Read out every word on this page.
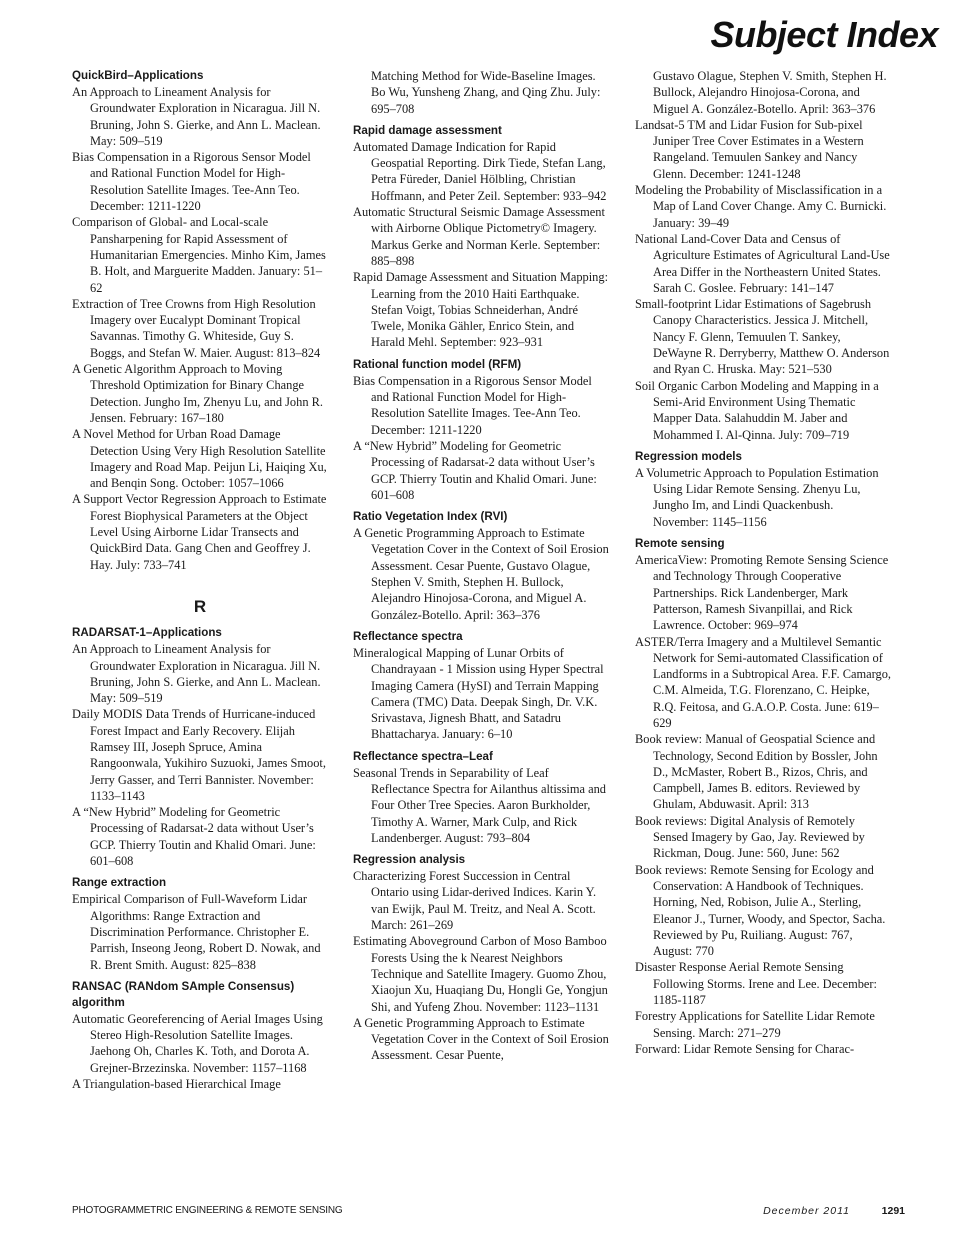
Subject Index
QuickBird–Applications
An Approach to Lineament Analysis for Groundwater Exploration in Nicaragua. Jill N. Bruning, John S. Gierke, and Ann L. Maclean. May: 509–519
Bias Compensation in a Rigorous Sensor Model and Rational Function Model for High-Resolution Satellite Images. Tee-Ann Teo. December: 1211-1220
Comparison of Global- and Local-scale Pansharpening for Rapid Assessment of Humanitarian Emergencies. Minho Kim, James B. Holt, and Marguerite Madden. January: 51–62
Extraction of Tree Crowns from High Resolution Imagery over Eucalypt Dominant Tropical Savannas. Timothy G. Whiteside, Guy S. Boggs, and Stefan W. Maier. August: 813–824
A Genetic Algorithm Approach to Moving Threshold Optimization for Binary Change Detection. Jungho Im, Zhenyu Lu, and John R. Jensen. February: 167–180
A Novel Method for Urban Road Damage Detection Using Very High Resolution Satellite Imagery and Road Map. Peijun Li, Haiqing Xu, and Benqin Song. October: 1057–1066
A Support Vector Regression Approach to Estimate Forest Biophysical Parameters at the Object Level Using Airborne Lidar Transects and QuickBird Data. Gang Chen and Geoffrey J. Hay. July: 733–741
R
RADARSAT-1–Applications
An Approach to Lineament Analysis for Groundwater Exploration in Nicaragua. Jill N. Bruning, John S. Gierke, and Ann L. Maclean. May: 509–519
Daily MODIS Data Trends of Hurricane-induced Forest Impact and Early Recovery. Elijah Ramsey III, Joseph Spruce, Amina Rangoonwala, Yukihiro Suzuoki, James Smoot, Jerry Gasser, and Terri Bannister. November: 1133–1143
A “New Hybrid” Modeling for Geometric Processing of Radarsat-2 data without User’s GCP. Thierry Toutin and Khalid Omari. June: 601–608
Range extraction
Empirical Comparison of Full-Waveform Lidar Algorithms: Range Extraction and Discrimination Performance. Christopher E. Parrish, Inseong Jeong, Robert D. Nowak, and R. Brent Smith. August: 825–838
RANSAC (RANdom SAmple Consensus) algorithm
Automatic Georeferencing of Aerial Images Using Stereo High-Resolution Satellite Images. Jaehong Oh, Charles K. Toth, and Dorota A. Grejner-Brzezinska. November: 1157–1168
A Triangulation-based Hierarchical Image
Matching Method for Wide-Baseline Images. Bo Wu, Yunsheng Zhang, and Qing Zhu. July: 695–708
Rapid damage assessment
Automated Damage Indication for Rapid Geospatial Reporting. Dirk Tiede, Stefan Lang, Petra Füreder, Daniel Hölbling, Christian Hoffmann, and Peter Zeil. September: 933–942
Automatic Structural Seismic Damage Assessment with Airborne Oblique Pictometry© Imagery. Markus Gerke and Norman Kerle. September: 885–898
Rapid Damage Assessment and Situation Mapping: Learning from the 2010 Haiti Earthquake. Stefan Voigt, Tobias Schneiderhan, André Twele, Monika Gähler, Enrico Stein, and Harald Mehl. September: 923–931
Rational function model (RFM)
Bias Compensation in a Rigorous Sensor Model and Rational Function Model for High-Resolution Satellite Images. Tee-Ann Teo. December: 1211-1220
A “New Hybrid” Modeling for Geometric Processing of Radarsat-2 data without User’s GCP. Thierry Toutin and Khalid Omari. June: 601–608
Ratio Vegetation Index (RVI)
A Genetic Programming Approach to Estimate Vegetation Cover in the Context of Soil Erosion Assessment. Cesar Puente, Gustavo Olague, Stephen V. Smith, Stephen H. Bullock, Alejandro Hinojosa-Corona, and Miguel A. González-Botello. April: 363–376
Reflectance spectra
Mineralogical Mapping of Lunar Orbits of Chandrayaan - 1 Mission using Hyper Spectral Imaging Camera (HySI) and Terrain Mapping Camera (TMC) Data. Deepak Singh, Dr. V.K. Srivastava, Jignesh Bhatt, and Satadru Bhattacharya. January: 6–10
Reflectance spectra–Leaf
Seasonal Trends in Separability of Leaf Reflectance Spectra for Ailanthus altissima and Four Other Tree Species. Aaron Burkholder, Timothy A. Warner, Mark Culp, and Rick Landenberger. August: 793–804
Regression analysis
Characterizing Forest Succession in Central Ontario using Lidar-derived Indices. Karin Y. van Ewijk, Paul M. Treitz, and Neal A. Scott. March: 261–269
Estimating Aboveground Carbon of Moso Bamboo Forests Using the k Nearest Neighbors Technique and Satellite Imagery. Guomo Zhou, Xiaojun Xu, Huaqiang Du, Hongli Ge, Yongjun Shi, and Yufeng Zhou. November: 1123–1131
A Genetic Programming Approach to Estimate Vegetation Cover in the Context of Soil Erosion Assessment. Cesar Puente,
Gustavo Olague, Stephen V. Smith, Stephen H. Bullock, Alejandro Hinojosa-Corona, and Miguel A. González-Botello. April: 363–376
Landsat-5 TM and Lidar Fusion for Sub-pixel Juniper Tree Cover Estimates in a Western Rangeland. Temuulen Sankey and Nancy Glenn. December: 1241-1248
Modeling the Probability of Misclassification in a Map of Land Cover Change. Amy C. Burnicki. January: 39–49
National Land-Cover Data and Census of Agriculture Estimates of Agricultural Land-Use Area Differ in the Northeastern United States. Sarah C. Goslee. February: 141–147
Small-footprint Lidar Estimations of Sagebrush Canopy Characteristics. Jessica J. Mitchell, Nancy F. Glenn, Temuulen T. Sankey, DeWayne R. Derryberry, Matthew O. Anderson and Ryan C. Hruska. May: 521–530
Soil Organic Carbon Modeling and Mapping in a Semi-Arid Environment Using Thematic Mapper Data. Salahuddin M. Jaber and Mohammed I. Al-Qinna. July: 709–719
Regression models
A Volumetric Approach to Population Estimation Using Lidar Remote Sensing. Zhenyu Lu, Jungho Im, and Lindi Quackenbush. November: 1145–1156
Remote sensing
AmericaView: Promoting Remote Sensing Science and Technology Through Cooperative Partnerships. Rick Landenberger, Mark Patterson, Ramesh Sivanpillai, and Rick Lawrence. October: 969–974
ASTER/Terra Imagery and a Multilevel Semantic Network for Semi-automated Classification of Landforms in a Subtropical Area. F.F. Camargo, C.M. Almeida, T.G. Florenzano, C. Heipke, R.Q. Feitosa, and G.A.O.P. Costa. June: 619–629
Book review: Manual of Geospatial Science and Technology, Second Edition by Bossler, John D., McMaster, Robert B., Rizos, Chris, and Campbell, James B. editors. Reviewed by Ghulam, Abduwasit. April: 313
Book reviews: Digital Analysis of Remotely Sensed Imagery by Gao, Jay. Reviewed by Rickman, Doug. June: 560, June: 562
Book reviews: Remote Sensing for Ecology and Conservation: A Handbook of Techniques. Horning, Ned, Robison, Julie A., Sterling, Eleanor J., Turner, Woody, and Spector, Sacha. Reviewed by Pu, Ruiliang. August: 767, August: 770
Disaster Response Aerial Remote Sensing Following Storms. Irene and Lee. December: 1185-1187
Forestry Applications for Satellite Lidar Remote Sensing. March: 271–279
Forward: Lidar Remote Sensing for Charac-
PHOTOGRAMMETRIC ENGINEERING & REMOTE SENSING	December 2011	1291
